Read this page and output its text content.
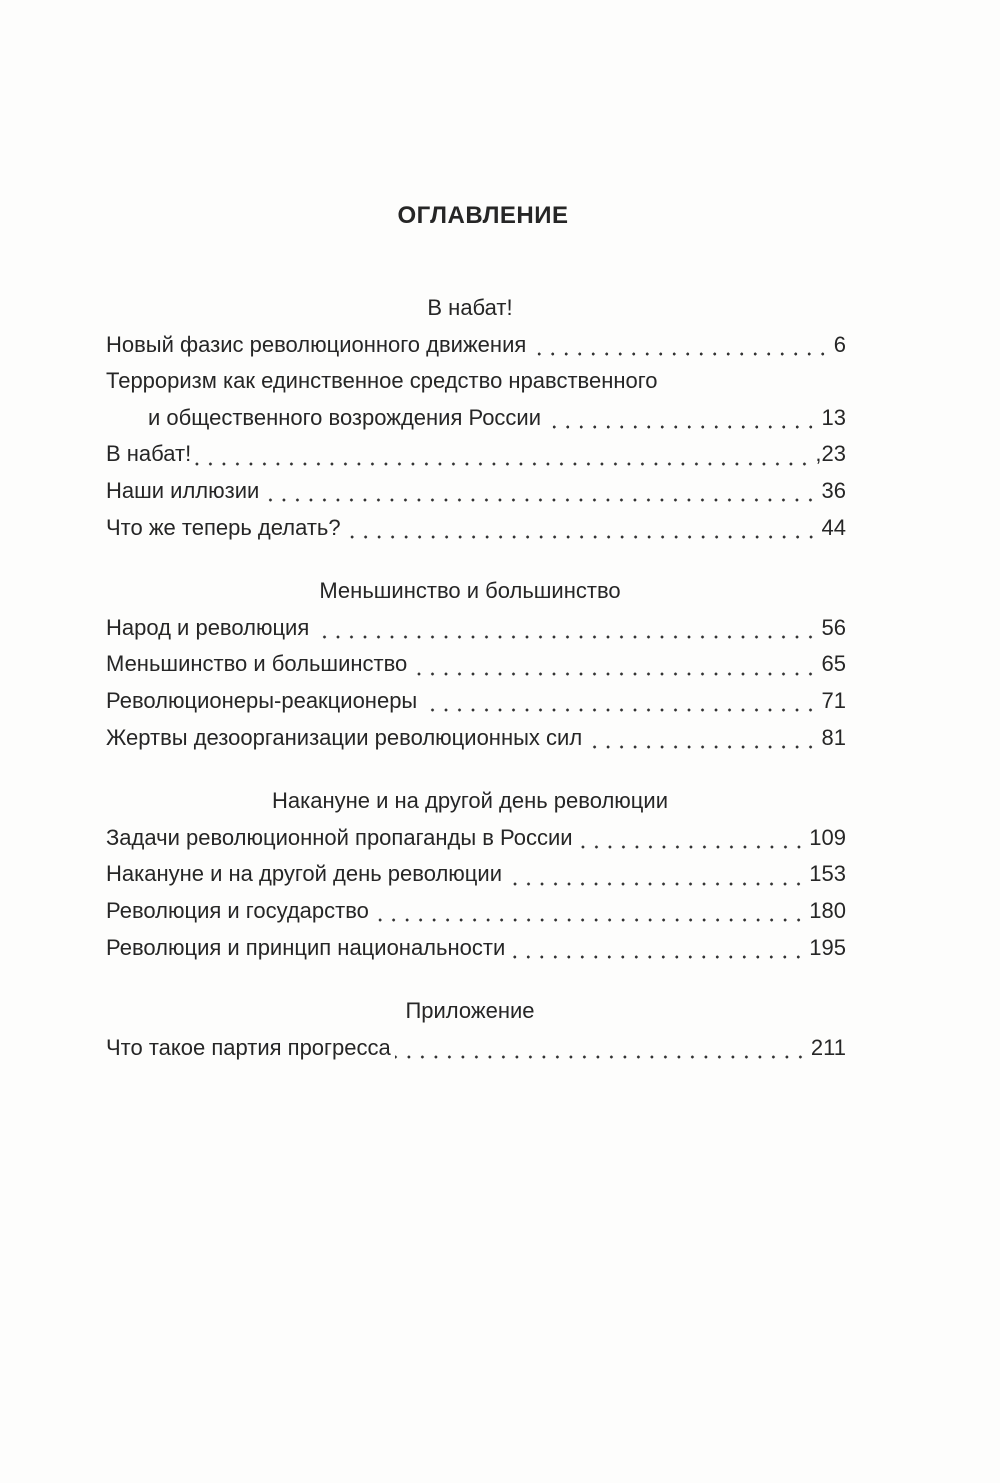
ОГЛАВЛЕНИЕ
В набат!
Новый фазис революционного движения	6
Терроризм как единственное средство нравственного
и общественного возрождения России	13
В набат!	,23
Наши иллюзии	36
Что же теперь делать?	44
Меньшинство и большинство
Народ и революция	56
Меньшинство и большинство	65
Революционеры-реакционеры	71
Жертвы дезоорганизации революционных сил	81
Накануне и на другой день революции
Задачи революционной пропаганды в России	109
Накануне и на другой день революции	153
Революция и государство	180
Революция и принцип национальности	195
Приложение
Что такое партия прогресса	211
